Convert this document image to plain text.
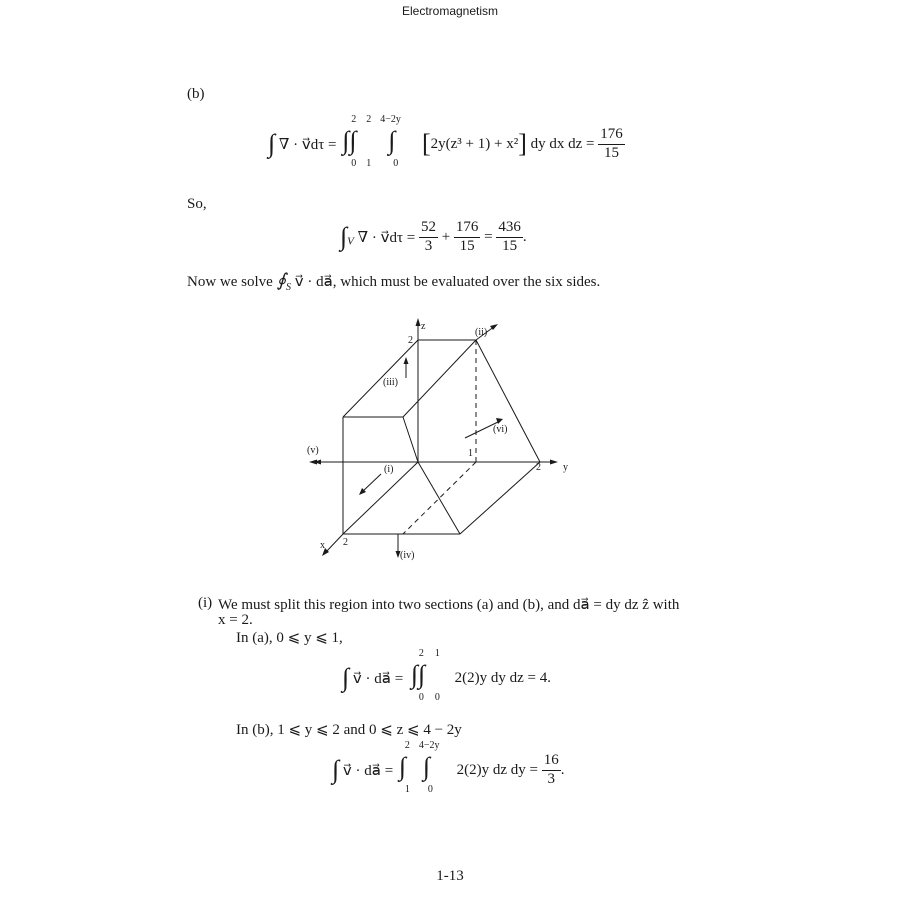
Electromagnetism
(b)
∫ ∇ · v⃗dτ =
2 2 4−2y
∫∫ ∫
0 1 0
[2y(z³ + 1) + x²] dy dx dz = $\frac{176}{15}$
So,
$\int_V$ ∇ · v⃗dτ = $\frac{52}{3} + \frac{176}{15} = \frac{436}{15}$ .
Now we solve $∮_S$ v⃗ · da⃗, which must be evaluated over the six sides.
z
2
y
1
2
x 2
(i)
(ii)
(iii)
(iv)
(v)
(vi)
(i) We must split this region into two sections (a) and (b), and da⃗ = dy dz ẑ with
x = 2.
In (a), 0 ⩽ y ⩽ 1,
∫ v⃗ · da⃗ =
2 1
∫∫
0 0
2(2)y dy dz = 4.
In (b), 1 ⩽ y ⩽ 2 and 0 ⩽ z ⩽ 4 − 2y
∫ v⃗ · da⃗ =
2 4−2y
∫ ∫
1 0
2(2)y dz dy = $\frac{16}{3}$ .
1-13
